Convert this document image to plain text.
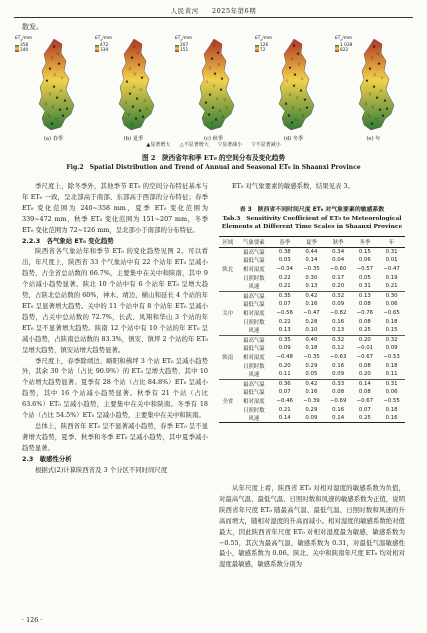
人民黄河 2025年第6期
散发。
▲
△
▽
▼
▲
△
▽
▼
▲
△
▽
▼ ▲
△
▽
▼ ▲
△
▽
▼
▲
$ET_0/mm$
358
240
(a) 春季
△
▽
▼
▲
△
▽
▼
▲
△
▽
▼
▲ △
▽
▼
▲ △
▽
▼
▲
△
$ET_0/mm$
472
339
(b) 夏季
▽
▼
▲
△
▽
▼
▲
△
▽
▼
▲
△ ▽
▼
▲
△ ▽
▼
▲
△
▽
$ET_0/mm$
207
151
(c) 秋季
▼
▲
△
▽
▼
▲
△
▽
▼
▲
△
▽ ▼
▲
△
▽ ▼
▲
△
▽
▼
$ET_0/mm$
126
72
(d) 冬季
▲
△
▽
▼
▲
△
▽
▼
▲
△
▽
▼ ▲
△
▽
▼ ▲
△
▽
▼
▲
$ET_0/mm$
1 038
822
(e) 年
▲显著增大 △不显著增大 ▽显著减小 ▽不显著减小
图 2　陕西省年和季 ET₀ 的空间分布及变化趋势
Fig.2　Spatial Distribution and Trend of Annual and Seasonal ET₀ in Shaanxi Province

季尺度上，除冬季外，其他季节 ET₀ 的空间分布特征基本与年 ET₀ 一致，呈北部高于南部、东部高于西部的分布特征；春季 ET₀ 变化范围为 240~358 mm，夏季 ET₀ 变化范围为 339~472 mm，秋季 ET₀ 变化范围为 151~207 mm，冬季 ET₀ 变化范围为 72~126 mm，呈北部小于南部的分布特征。

2.2.3　各气象站 ET₀ 变化趋势

陕西省各气象站年和季节 ET₀ 的变化趋势见图 2。可以看出，年尺度上，陕西省 33 个气象站中有 22 个站年 ET₀ 呈减小趋势，占全省总站数的 66.7%，主要集中在关中和陕南，其中 9 个站减小趋势显著。陕北 10 个站中有 6 个站年 ET₀ 呈增大趋势，占陕北总站数的 60%，神木、靖边、横山和延长 4 个站的年 ET₀ 呈显著增大趋势。关中的 11 个站中有 8 个站年 ET₀ 呈减小趋势，占关中总站数的 72.7%，长武、凤翔和华山 3 个站的年 ET₀ 呈不显著增大趋势。陕南 12 个站中有 10 个站的年 ET₀ 呈减小趋势，占陕南总站数的 83.3%，镇安、镇坪 2 个站的年 ET₀ 呈增大趋势，镇安站增大趋势显著。

季尺度上，春季除靖边、略阳和佛坪 3 个站 ET₀ 呈减小趋势外，其余 30 个站（占比 90.9%）的 ET₀ 呈增大趋势，其中 10 个站增大趋势显著。夏季有 28 个站（占比 84.8%）ET₀ 呈减小趋势，其中 16 个站减小趋势显著。秋季有 21 个站（占比 63.6%）ET₀ 呈减小趋势，主要集中在关中和陕南。冬季有 18 个站（占比 54.5%）ET₀ 呈减小趋势，主要集中在关中和陕南。

总体上，陕西省年 ET₀ 呈不显著减小趋势，春季 ET₀ 呈不显著增大趋势，夏季、秋季和冬季 ET₀ 呈减小趋势，其中夏季减小趋势显著。

2.3　敏感性分析

根据式(2)计算陕西省及 3 个分区不同时间尺度

ET₀ 对气象要素的敏感系数，结果见表 3。

表 3　陕西省不同时间尺度 ET₀ 对气象要素的敏感系数
Tab.3　Sensitivity Coefficient of ET₀ to Meteorological Elements at Different Time Scales in Shaanxi Province
区域	气象要素	春季	夏季	秋季	冬季	年
陕北	最高气温	0.38	0.44	0.34	0.15	0.31
	最低气温	0.03	0.14	0.04	0.06	0.01
	相对湿度	−0.34	−0.35	−0.60	−0.57	−0.47
	日照时数	0.22	0.30	0.17	0.05	0.19
	风速	0.21	0.13	0.20	0.31	0.21
关中	最高气温	0.35	0.42	0.32	0.13	0.30
	最低气温	0.07	0.16	0.09	0.08	0.06
	相对湿度	−0.56	−0.47	−0.82	−0.76	−0.65
	日照时数	0.22	0.28	0.16	0.08	0.18
	风速	0.13	0.10	0.13	0.25	0.15
陕南	最高气温	0.35	0.40	0.32	0.20	0.32
	最低气温	0.09	0.18	0.12	−0.01	0.09
	相对湿度	−0.48	−0.35	−0.63	−0.67	−0.53
	日照时数	0.20	0.29	0.16	0.08	0.18
	风速	0.11	0.05	0.09	0.20	0.11
全省	最高气温	0.36	0.42	0.33	0.14	0.31
	最低气温	0.07	0.16	0.08	0.08	0.06
	相对湿度	−0.46	−0.39	−0.69	−0.67	−0.55
	日照时数	0.21	0.29	0.16	0.07	0.18
	风速	0.14	0.09	0.14	0.25	0.16

从年尺度上看，陕西省 ET₀ 对相对湿度的敏感系数为负值，对最高气温、最低气温、日照时数和风速的敏感系数为正值，说明陕西省年尺度 ET₀ 随最高气温、最低气温、日照时数和风速的升高而增大，随相对湿度的升高而减小。相对湿度的敏感系数绝对值最大，因此陕西省年尺度 ET₀ 对相对湿度最为敏感，敏感系数为 −0.55，其次为最高气温，敏感系数为 0.31，对最低气温敏感性最小，敏感系数为 0.06。陕北、关中和陕南年尺度 ET₀ 均对相对湿度最敏感，敏感系数分别为

· 126 ·
